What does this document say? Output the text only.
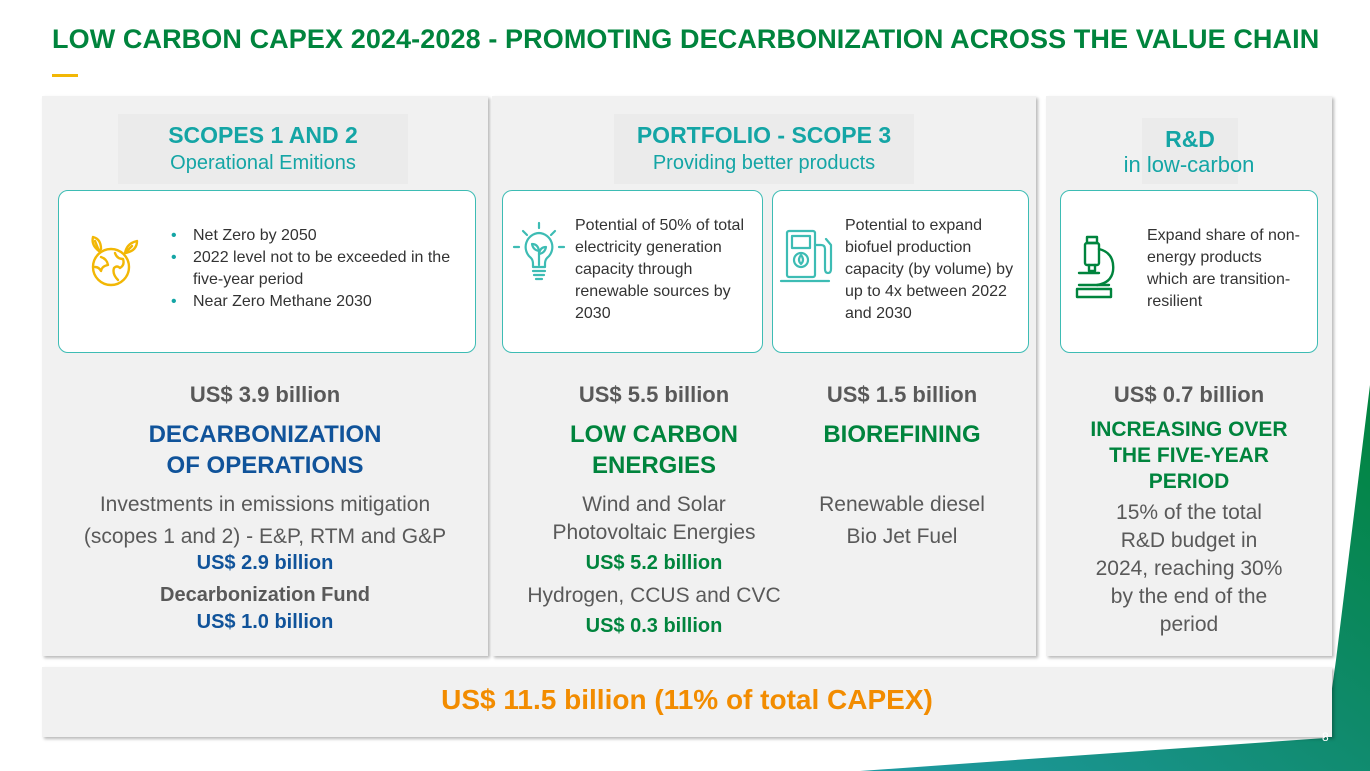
LOW CARBON CAPEX 2024-2028 - PROMOTING DECARBONIZATION ACROSS THE VALUE CHAIN
SCOPES 1 AND 2
Operational Emitions
• Net Zero by 2050
• 2022 level not to be exceeded in the five-year period
• Near Zero Methane 2030
US$ 3.9 billion
DECARBONIZATION
OF OPERATIONS
Investments in emissions mitigation
(scopes 1 and 2) - E&P, RTM and G&P
US$ 2.9 billion
Decarbonization Fund
US$ 1.0 billion
PORTFOLIO - SCOPE 3
Providing better products
Potential of 50% of total electricity generation capacity through renewable sources by 2030
Potential to expand biofuel production capacity (by volume) by up to 4x between 2022 and 2030
US$ 5.5 billion
LOW CARBON
ENERGIES
Wind and Solar
Photovoltaic Energies
US$ 5.2 billion
Hydrogen, CCUS and CVC
US$ 0.3 billion
US$ 1.5 billion
BIOREFINING
Renewable diesel
Bio Jet Fuel
R&D
in low-carbon
Expand share of non-energy products which are transition-resilient
US$ 0.7 billion
INCREASING OVER
THE FIVE-YEAR
PERIOD
15% of the total
R&D budget in
2024, reaching 30%
by the end of the
period
US$ 11.5 billion (11% of total CAPEX)
8
